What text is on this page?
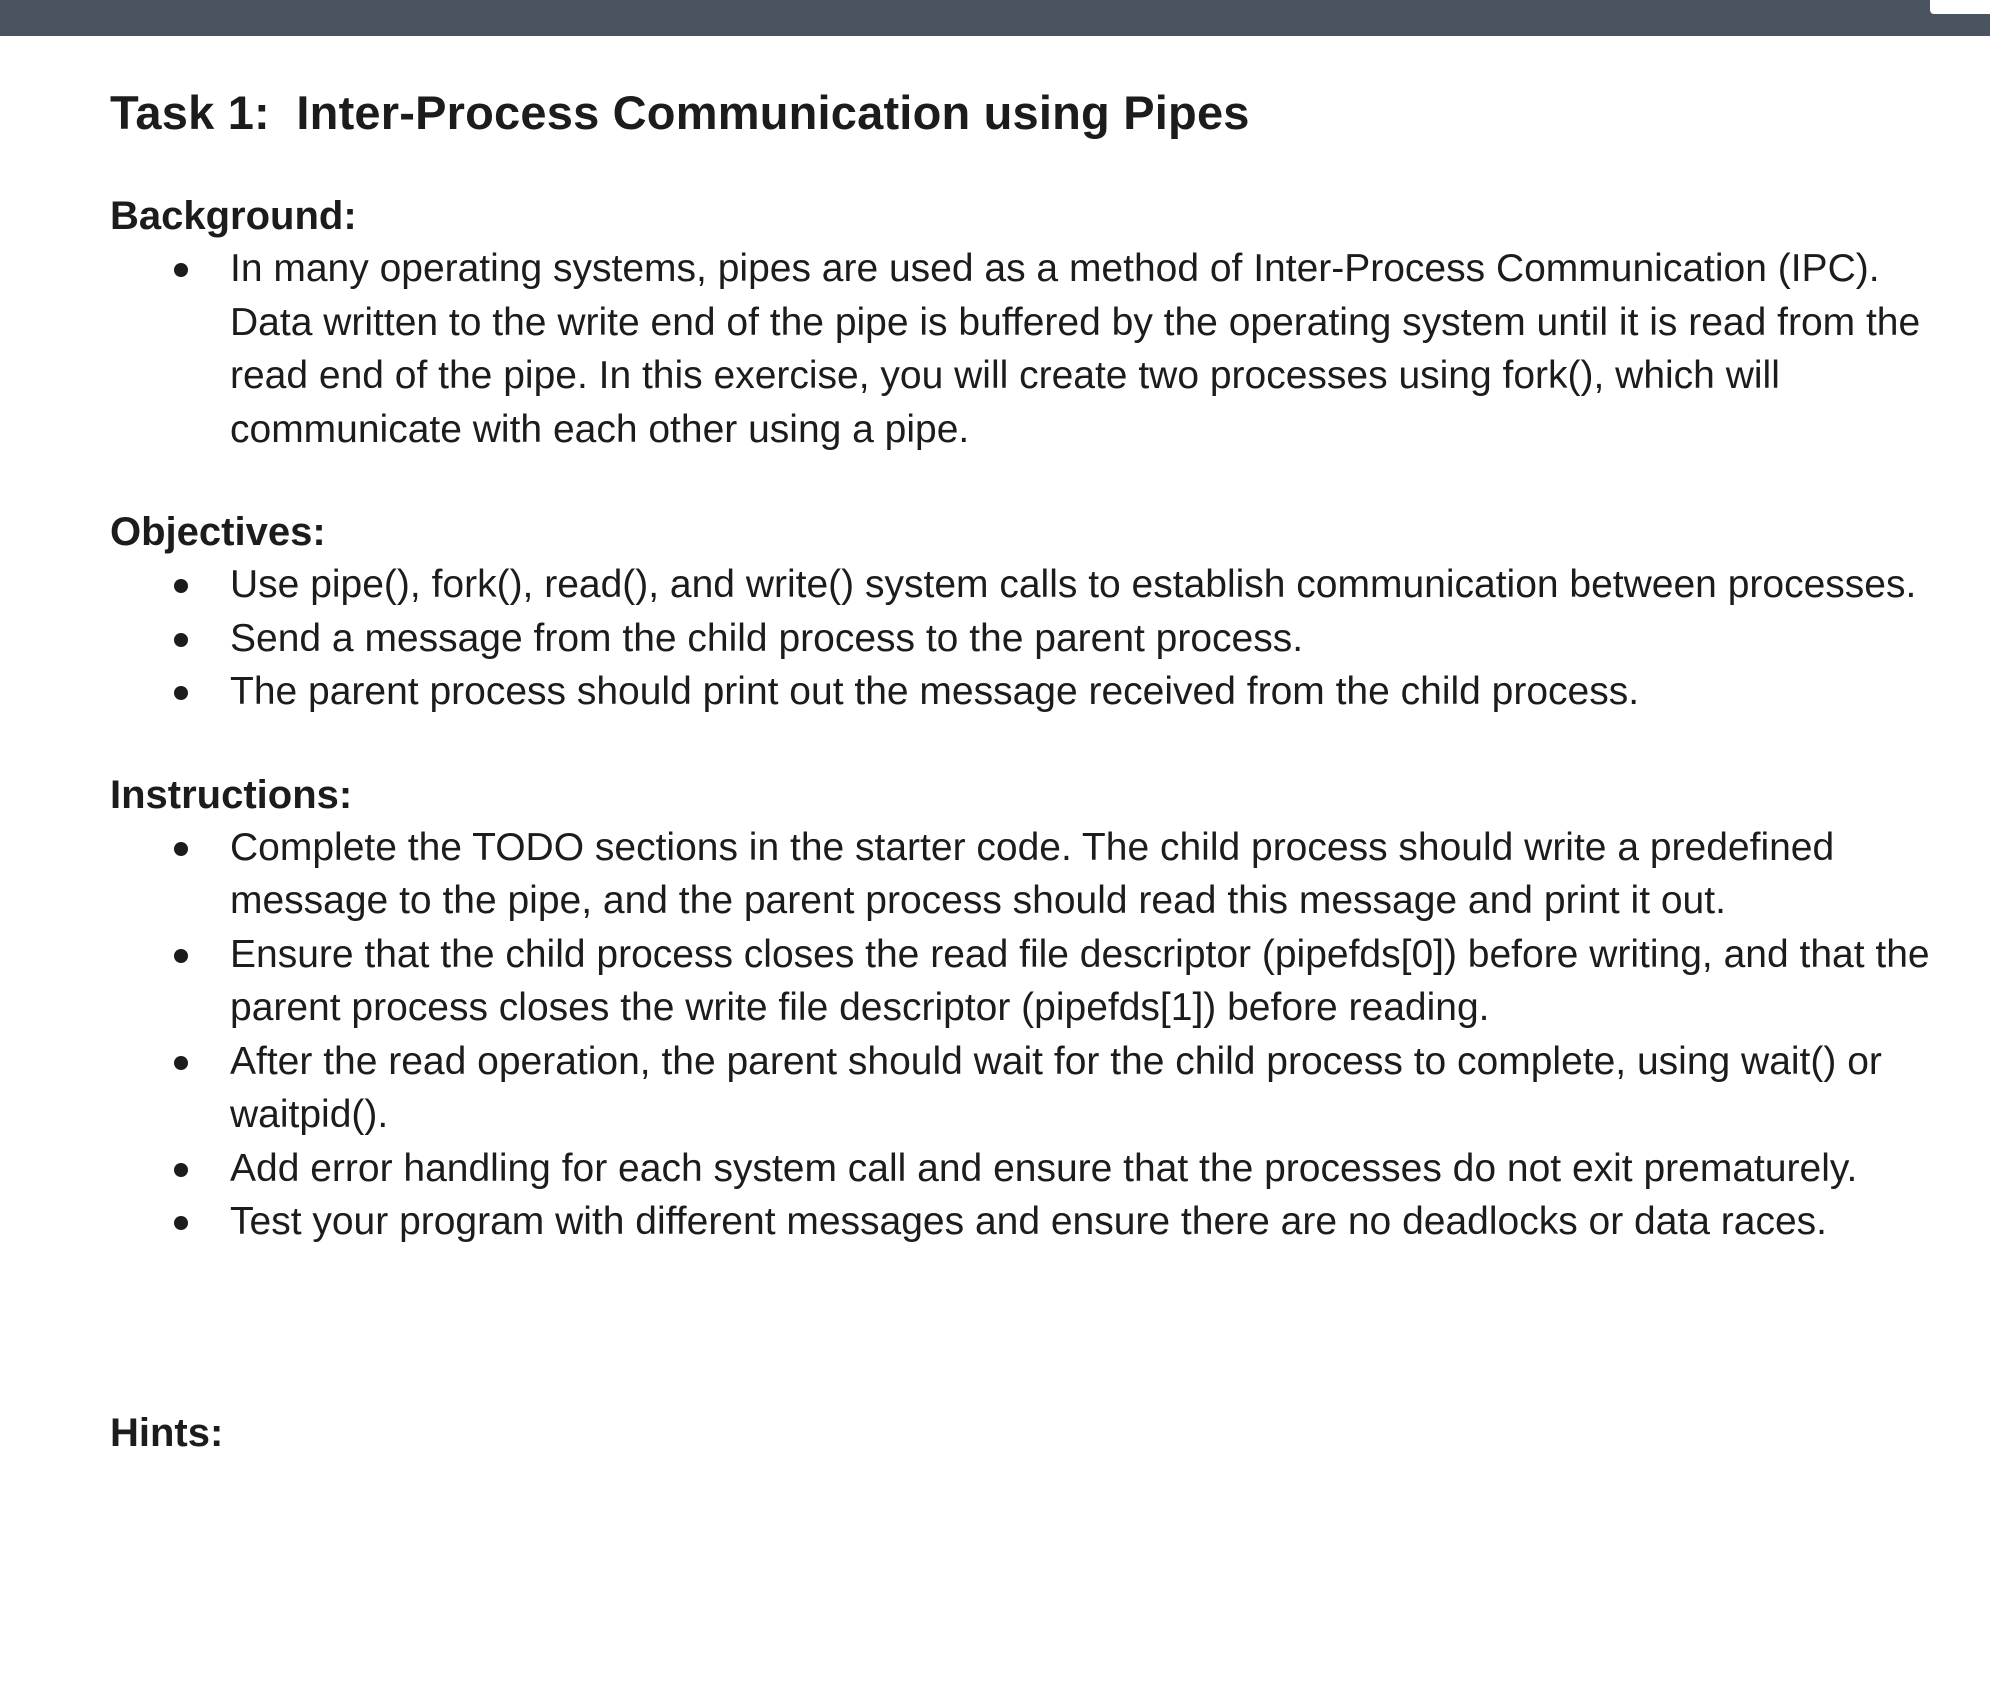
Task 1:  Inter-Process Communication using Pipes
Background:
In many operating systems, pipes are used as a method of Inter-Process Communication (IPC). Data written to the write end of the pipe is buffered by the operating system until it is read from the read end of the pipe. In this exercise, you will create two processes using fork(), which will communicate with each other using a pipe.
Objectives:
Use pipe(), fork(), read(), and write() system calls to establish communication between processes.
Send a message from the child process to the parent process.
The parent process should print out the message received from the child process.
Instructions:
Complete the TODO sections in the starter code. The child process should write a predefined message to the pipe, and the parent process should read this message and print it out.
Ensure that the child process closes the read file descriptor (pipefds[0]) before writing, and that the parent process closes the write file descriptor (pipefds[1]) before reading.
After the read operation, the parent should wait for the child process to complete, using wait() or waitpid().
Add error handling for each system call and ensure that the processes do not exit prematurely.
Test your program with different messages and ensure there are no deadlocks or data races.
Hints:
